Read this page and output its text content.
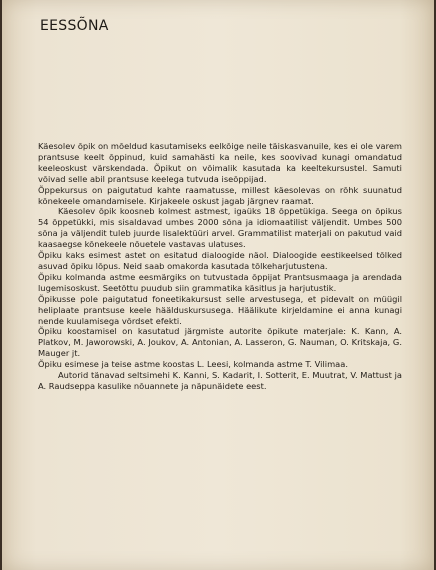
EESSÕNA

Käesolev õpik on mõeldud kasutamiseks eelkõige neile täiskasvanuile, kes ei ole varem prantsuse keelt õppinud, kuid samahästi ka neile, kes soovivad kunagi omandatud keeleoskust värskendada. Õpikut on võimalik kasutada ka keeltekursustel. Samuti võivad selle abil prantsuse keelega tutvuda iseõppijad.

Õppekursus on paigutatud kahte raamatusse, millest käesolevas on rõhk suunatud kõnekeele omandamisele. Kirjakeele oskust jagab järgnev raamat.

Käesolev õpik koosneb kolmest astmest, igaüks 18 õppetükiga. Seega on õpikus 54 õppetükki, mis sisaldavad umbes 2000 sõna ja idiomaatilist väljendit. Umbes 500 sõna ja väljendit tuleb juurde lisalektüüri arvel. Grammatilist materjali on pakutud vaid kaasaegse kõnekeele nõuetele vastavas ulatuses.

Õpiku kaks esimest astet on esitatud dialoogide näol. Dialoogide eestikeelsed tõlked asuvad õpiku lõpus. Neid saab omakorda kasutada tõlkeharjutustena.

Õpiku kolmanda astme eesmärgiks on tutvustada õppijat Prantsusmaaga ja arendada lugemisoskust. Seetõttu puudub siin grammatika käsitlus ja harjutustik.

Õpikusse pole paigutatud foneetikakursust selle arvestusega, et pidevalt on müügil heliplaate prantsuse keele häälduskursusega. Häälikute kirjeldamine ei anna kunagi nende kuulamisega võrdset efekti.

Õpiku koostamisel on kasutatud järgmiste autorite õpikute materjale: K. Kann, A. Platkov, M. Jaworowski, A. Joukov, A. Antonian, A. Lasseron, G. Nauman, O. Kritskaja, G. Mauger jt.

Õpiku esimese ja teise astme koostas L. Leesi, kolmanda astme T. Vilimaa.

Autorid tänavad seltsimehi K. Kanni, S. Kadarit, I. Sotterit, E. Muutrat, V. Mattust ja A. Raudseppa kasulike nõuannete ja näpunäidete eest.
